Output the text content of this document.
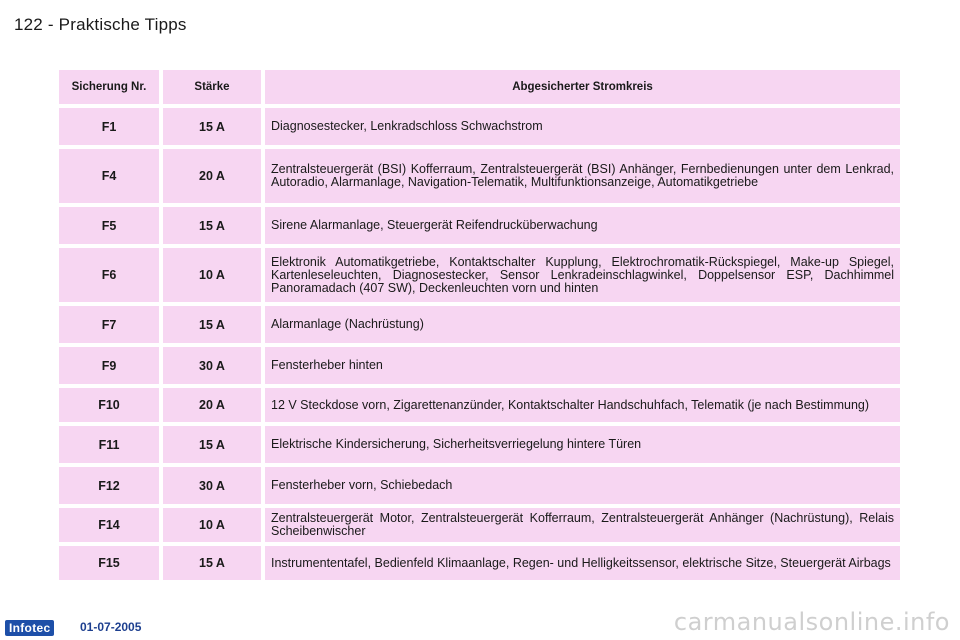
122 - Praktische Tipps
Sicherung Nr.	Stärke	Abgesicherter Stromkreis
F1	15 A	Diagnosestecker, Lenkradschloss Schwachstrom
F4	20 A	Zentralsteuergerät (BSI) Kofferraum, Zentralsteuergerät (BSI) Anhänger, Fernbedienungen unter dem Lenkrad, Autoradio, Alarmanlage, Navigation-Telematik, Multifunktionsanzeige, Automatikgetriebe
F5	15 A	Sirene Alarmanlage, Steuergerät Reifendrucküberwachung
F6	10 A	Elektronik Automatikgetriebe, Kontaktschalter Kupplung, Elektrochromatik-Rückspiegel, Make-up Spiegel, Kartenleseleuchten, Diagnosestecker, Sensor Lenkradeinschlagwinkel, Doppelsensor ESP, Dachhimmel Panoramadach (407 SW), Deckenleuchten vorn und hinten
F7	15 A	Alarmanlage (Nachrüstung)
F9	30 A	Fensterheber hinten
F10	20 A	12 V Steckdose vorn, Zigarettenanzünder, Kontaktschalter Handschuhfach, Telematik (je nach Bestimmung)
F11	15 A	Elektrische Kindersicherung, Sicherheitsverriegelung hintere Türen
F12	30 A	Fensterheber vorn, Schiebedach
F14	10 A	Zentralsteuergerät Motor, Zentralsteuergerät Kofferraum, Zentralsteuergerät Anhänger (Nachrüstung), Relais Scheibenwischer
F15	15 A	Instrumententafel, Bedienfeld Klimaanlage, Regen- und Helligkeitssensor, elektrische Sitze, Steuergerät Airbags
Infotec	01-07-2005	carmanualsonline.info
